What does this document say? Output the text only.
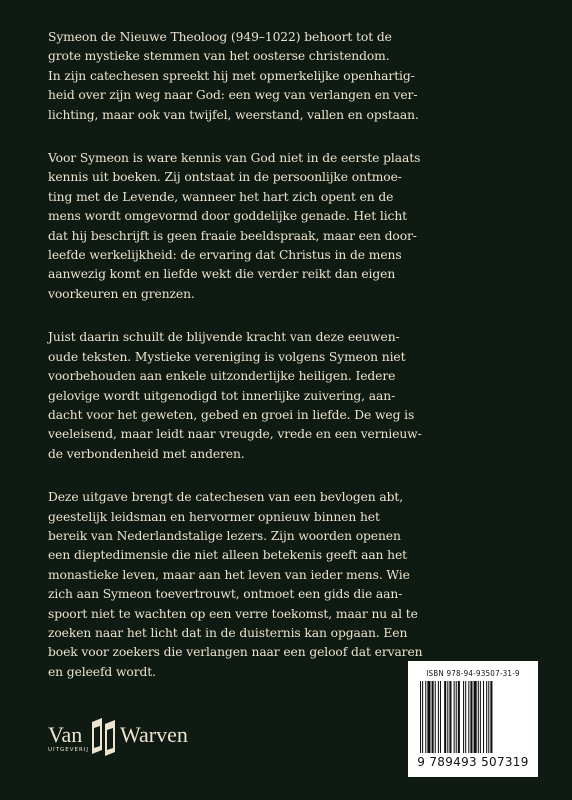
Symeon de Nieuwe Theoloog (949–1022) behoort tot de
grote mystieke stemmen van het oosterse christendom.
In zijn catechesen spreekt hij met opmerkelijke openhartig-
heid over zijn weg naar God: een weg van verlangen en ver-
lichting, maar ook van twijfel, weerstand, vallen en opstaan.
Voor Symeon is ware kennis van God niet in de eerste plaats
kennis uit boeken. Zij ontstaat in de persoonlijke ontmoe-
ting met de Levende, wanneer het hart zich opent en de
mens wordt omgevormd door goddelijke genade. Het licht
dat hij beschrijft is geen fraaie beeldspraak, maar een door-
leefde werkelijkheid: de ervaring dat Christus in de mens
aanwezig komt en liefde wekt die verder reikt dan eigen
voorkeuren en grenzen.
Juist daarin schuilt de blijvende kracht van deze eeuwen-
oude teksten. Mystieke vereniging is volgens Symeon niet
voorbehouden aan enkele uitzonderlijke heiligen. Iedere
gelovige wordt uitgenodigd tot innerlijke zuivering, aan-
dacht voor het geweten, gebed en groei in liefde. De weg is
veeleisend, maar leidt naar vreugde, vrede en een vernieuw-
de verbondenheid met anderen.
Deze uitgave brengt de catechesen van een bevlogen abt,
geestelijk leidsman en hervormer opnieuw binnen het
bereik van Nederlandstalige lezers. Zijn woorden openen
een dieptedimensie die niet alleen betekenis geeft aan het
monastieke leven, maar aan het leven van ieder mens. Wie
zich aan Symeon toevertrouwt, ontmoet een gids die aan-
spoort niet te wachten op een verre toekomst, maar nu al te
zoeken naar het licht dat in de duisternis kan opgaan. Een
boek voor zoekers die verlangen naar een geloof dat ervaren
en geleefd wordt.
Van Warven
UITGEVERIJ
ISBN 978-94-93507-31-9
9 789493 507319
